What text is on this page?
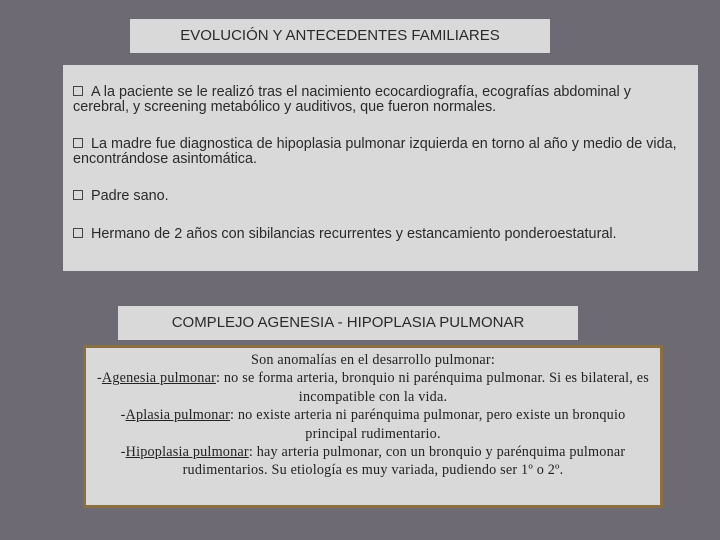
EVOLUCIÓN Y ANTECEDENTES FAMILIARES
A la paciente se le realizó tras el nacimiento ecocardiografía, ecografías abdominal y cerebral, y screening metabólico y auditivos, que fueron normales.
La madre fue diagnostica de hipoplasia pulmonar izquierda en torno al año y medio de vida, encontrándose asintomática.
Padre sano.
Hermano de 2 años con sibilancias recurrentes y estancamiento ponderoestatural.
COMPLEJO AGENESIA - HIPOPLASIA PULMONAR
Son anomalías en el desarrollo pulmonar:
-Agenesia pulmonar: no se forma arteria, bronquio ni parénquima pulmonar. Si es bilateral, es incompatible con la vida.
-Aplasia pulmonar: no existe arteria ni parénquima pulmonar, pero existe un bronquio principal rudimentario.
-Hipoplasia pulmonar: hay arteria pulmonar, con un bronquio y parénquima pulmonar rudimentarios. Su etiología es muy variada, pudiendo ser 1º o 2º.
